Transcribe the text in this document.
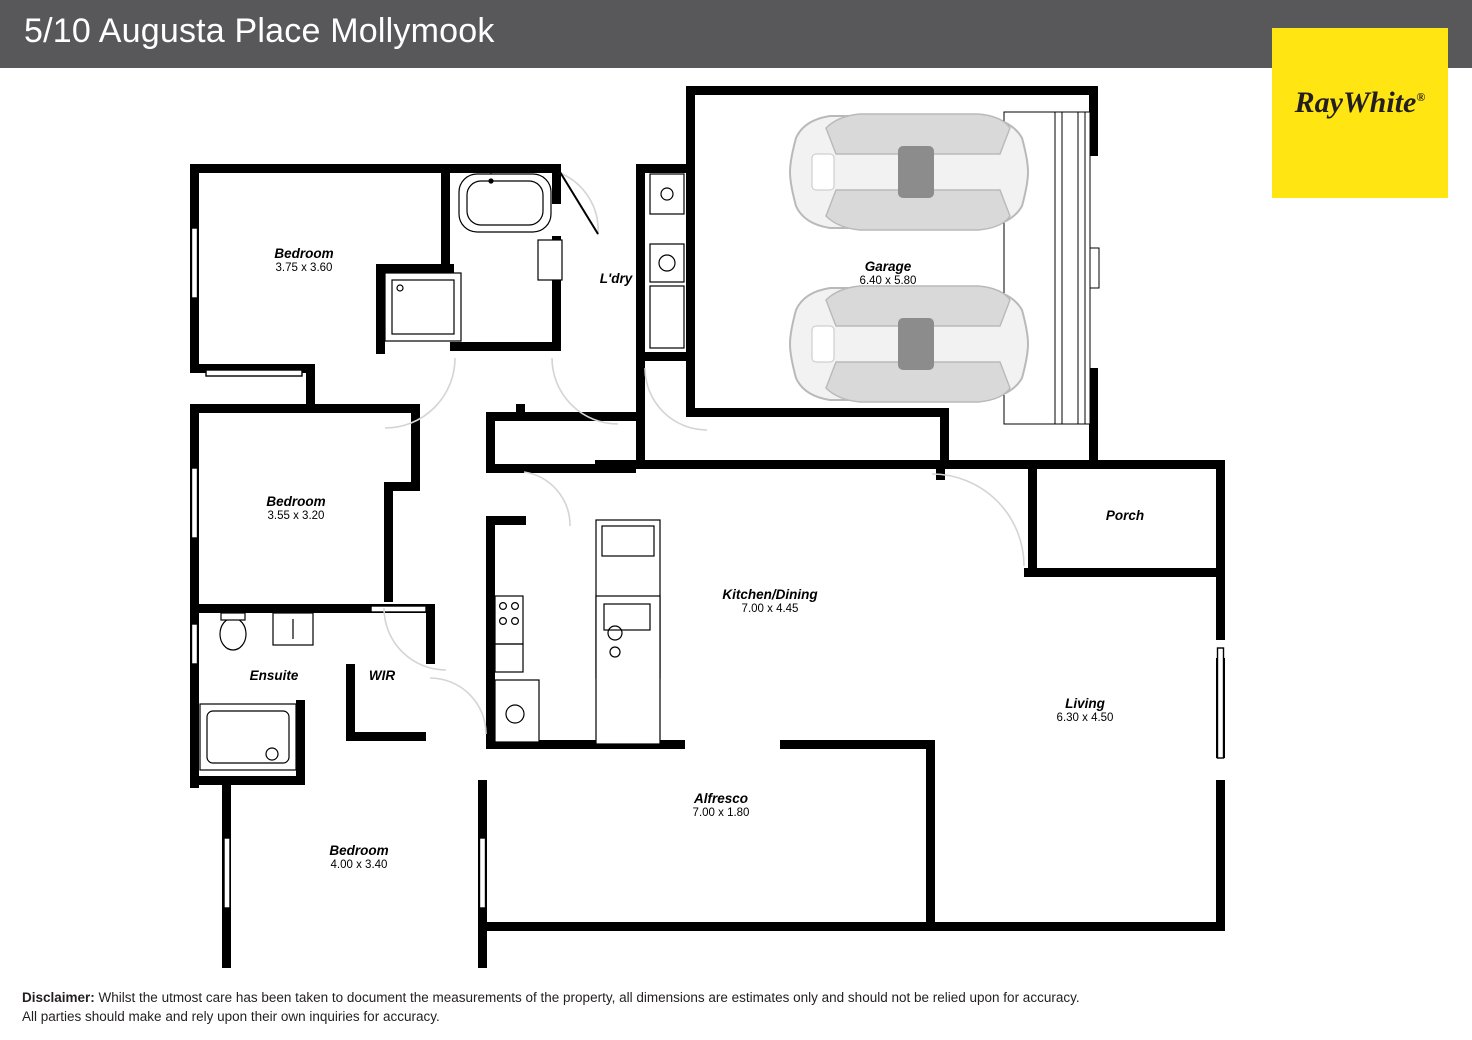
5/10 Augusta Place Mollymook
RayWhite®
Bedroom
3.75 x 3.60
L'dry
Garage
6.40 x 5.80
Bedroom
3.55 x 3.20	Porch
Kitchen/Dining
7.00 x 4.45
Ensuite	WIR
Living
6.30 x 4.50
Alfresco
7.00 x 1.80
Bedroom
4.00 x 3.40
Disclaimer: Whilst the utmost care has been taken to document the measurements of the property, all dimensions are estimates only and should not be relied upon for accuracy.
All parties should make and rely upon their own inquiries for accuracy.
